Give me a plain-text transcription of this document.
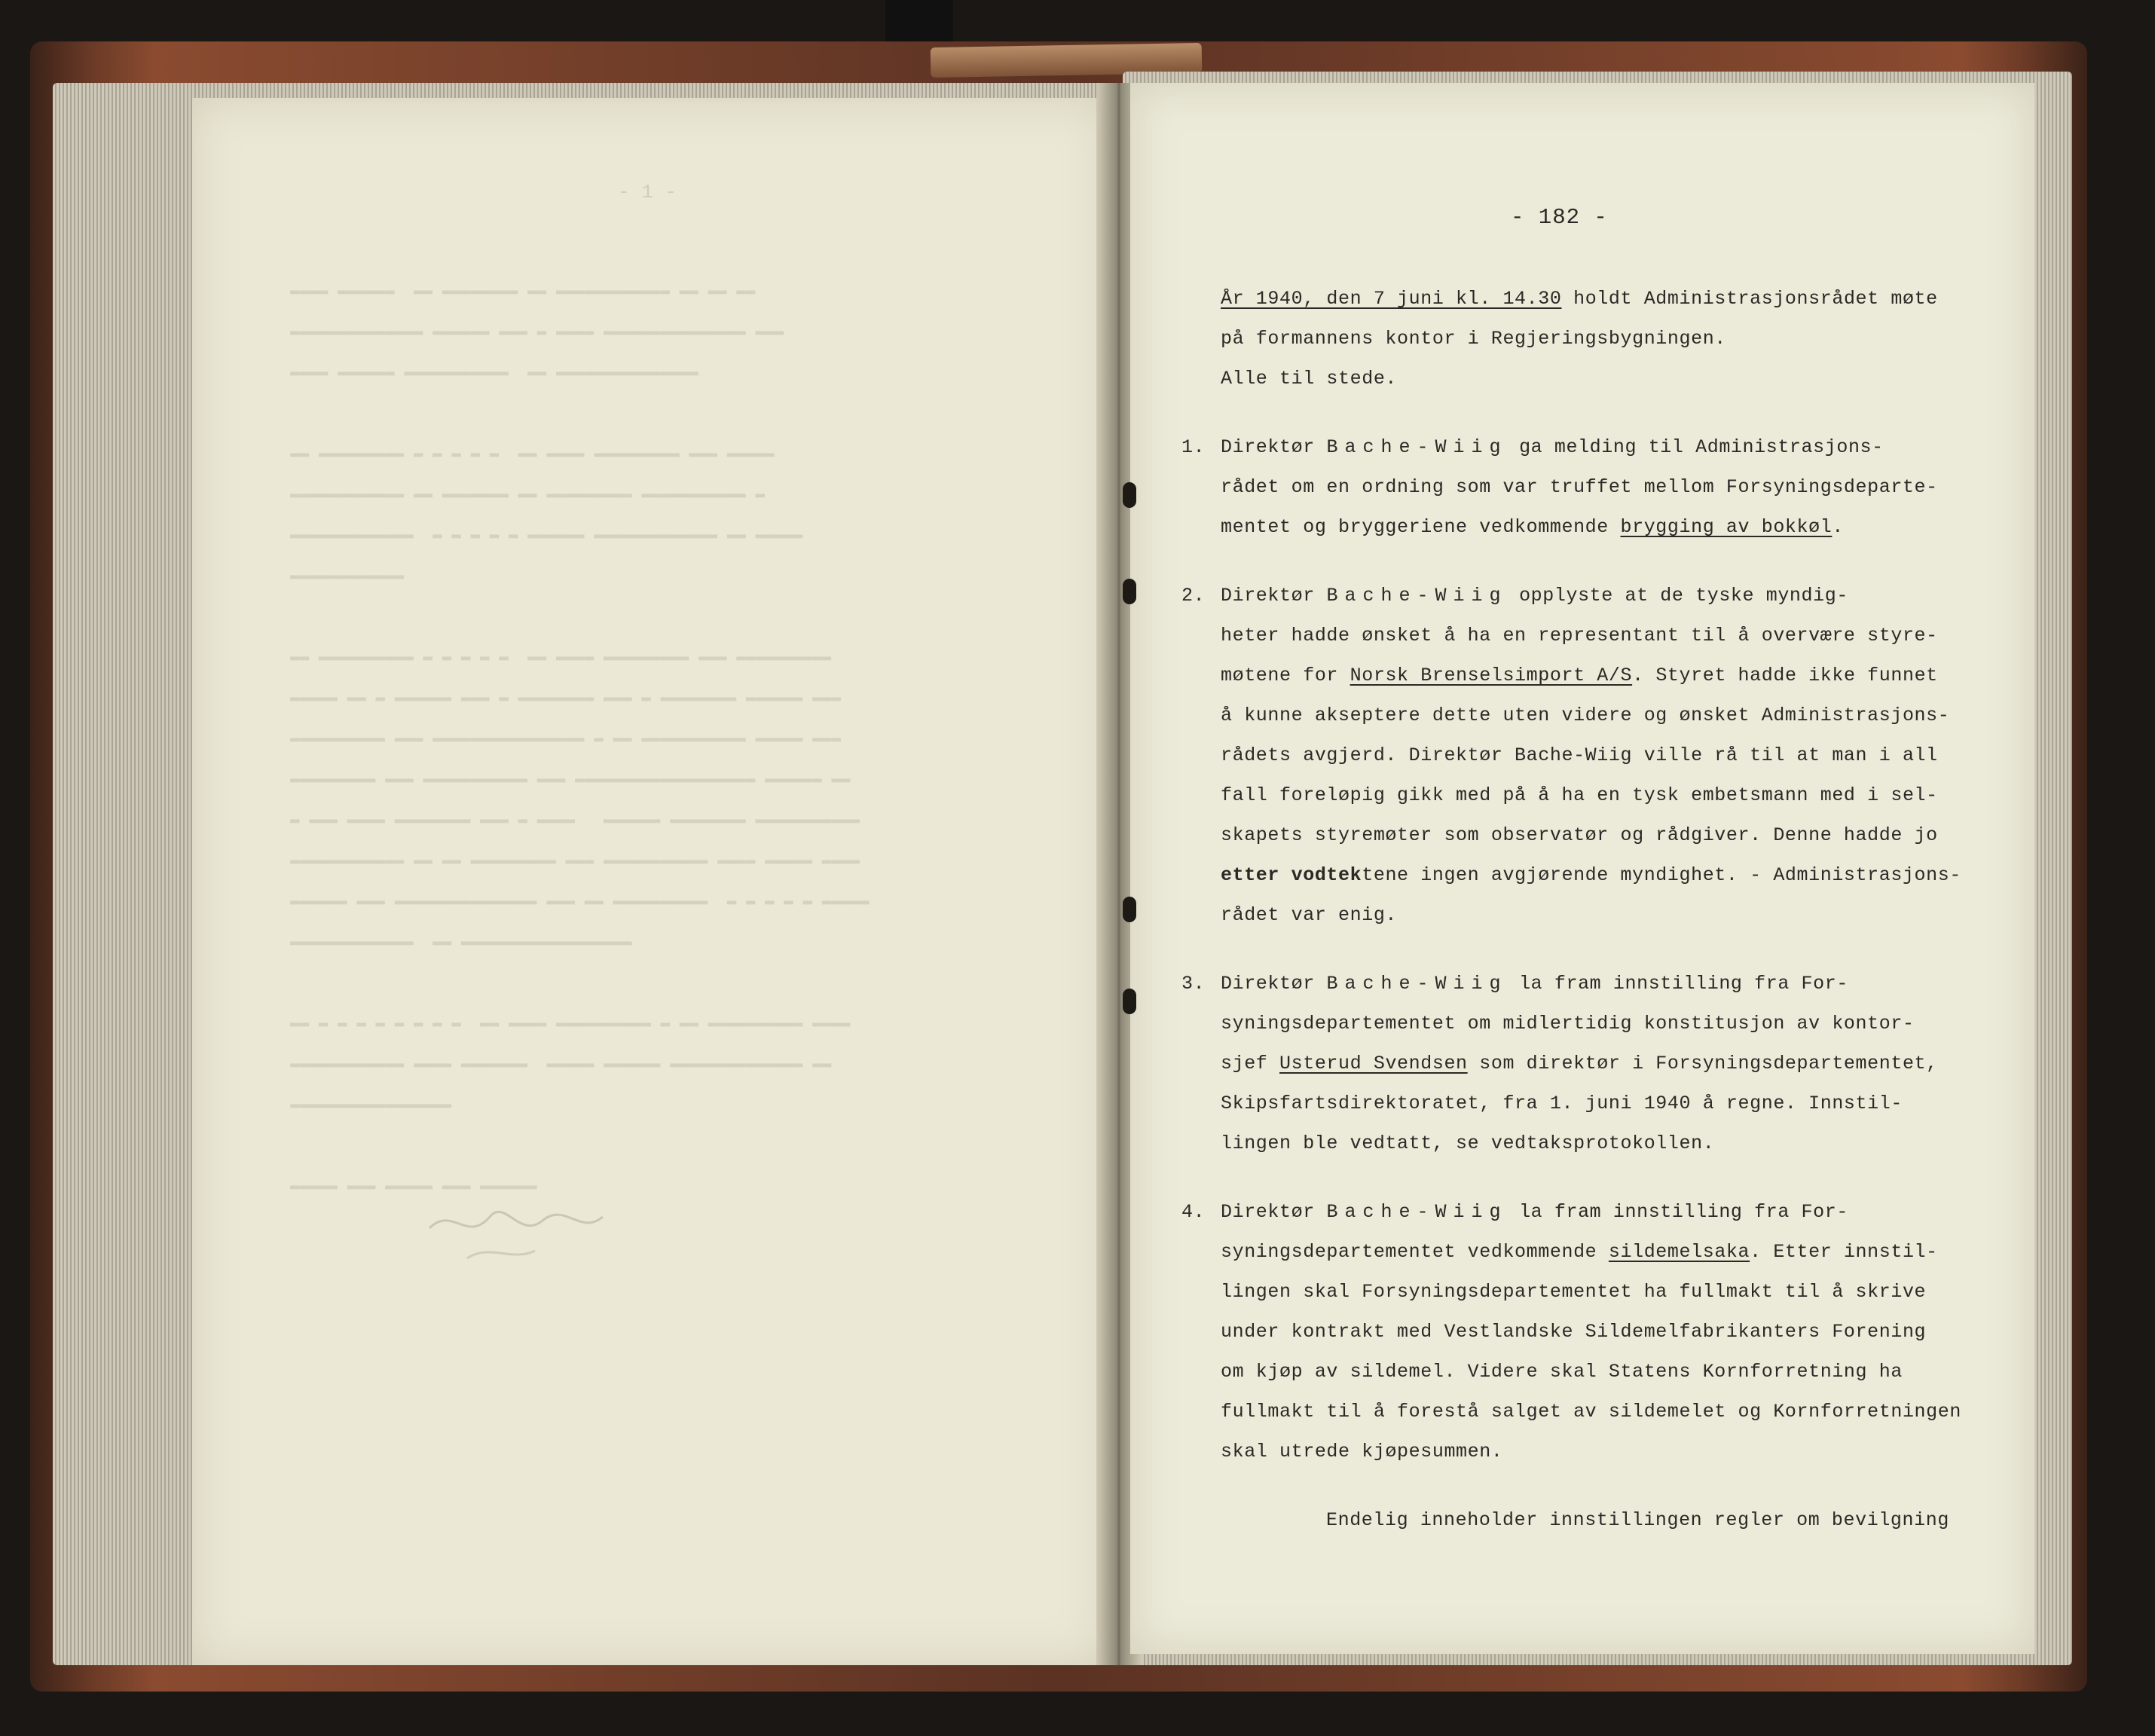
- 1 -
▬▬▬▬ ▬▬▬▬▬▬  ▬▬ ▬▬▬▬▬▬▬▬ ▬▬ ▬▬▬▬▬▬▬▬▬▬▬▬ ▬▬ ▬▬ ▬▬
▬▬▬▬▬▬▬▬▬▬▬▬▬▬ ▬▬▬▬▬▬ ▬▬▬ ▬ ▬▬▬▬ ▬▬▬▬▬▬▬▬▬▬▬▬▬▬▬ ▬▬▬
▬▬▬▬ ▬▬▬▬▬▬ ▬▬▬▬▬▬▬▬▬▬▬  ▬▬ ▬▬▬▬▬▬▬▬▬▬▬▬▬▬▬

▬▬ ▬▬▬▬▬▬▬▬▬ ▬ ▬ ▬ ▬ ▬  ▬▬ ▬▬▬▬ ▬▬▬▬▬▬▬▬▬ ▬▬▬ ▬▬▬▬▬
▬▬▬▬▬▬▬▬▬▬▬▬ ▬▬ ▬▬▬▬▬▬▬ ▬▬ ▬▬▬▬▬▬▬▬▬ ▬▬▬▬▬▬▬▬▬▬▬ ▬
▬▬▬▬▬▬▬▬▬▬▬▬▬  ▬ ▬ ▬ ▬ ▬ ▬▬▬▬▬▬ ▬▬▬▬▬▬▬▬▬▬▬▬▬ ▬▬ ▬▬▬▬▬
▬▬▬▬▬▬▬▬▬▬▬▬

▬▬ ▬▬▬▬▬▬▬▬▬▬ ▬ ▬ ▬ ▬ ▬  ▬▬ ▬▬▬▬ ▬▬▬▬▬▬▬▬▬ ▬▬▬ ▬▬▬▬▬▬▬▬▬▬
▬▬▬▬▬ ▬▬ ▬ ▬▬▬▬▬▬ ▬▬▬ ▬ ▬▬▬▬▬▬▬▬ ▬▬▬ ▬ ▬▬▬▬▬▬▬▬ ▬▬▬▬▬▬ ▬▬▬
▬▬▬▬▬▬▬▬▬▬ ▬▬▬ ▬▬▬▬▬▬▬▬▬▬▬▬▬▬▬▬ ▬ ▬▬ ▬▬▬▬▬▬▬▬▬▬▬ ▬▬▬▬▬ ▬▬▬
▬▬▬▬▬▬▬▬▬ ▬▬▬ ▬▬▬▬▬▬▬▬▬▬▬ ▬▬▬ ▬▬▬▬▬▬▬▬▬▬▬▬▬▬▬▬▬▬▬ ▬▬▬▬▬▬ ▬▬
▬ ▬▬▬ ▬▬▬▬ ▬▬▬▬▬▬▬▬ ▬▬▬ ▬ ▬▬▬▬   ▬▬▬▬▬▬ ▬▬▬▬▬▬▬▬ ▬▬▬▬▬▬▬▬▬▬▬
▬▬▬▬▬▬▬▬▬▬▬▬ ▬▬ ▬▬ ▬▬▬▬▬▬▬▬▬ ▬▬▬ ▬▬▬▬▬▬▬▬▬▬▬ ▬▬▬▬ ▬▬▬▬▬ ▬▬▬▬
▬▬▬▬▬▬ ▬▬▬ ▬▬▬▬▬▬▬▬▬▬▬▬▬▬▬ ▬▬▬ ▬▬ ▬▬▬▬▬▬▬▬▬▬  ▬ ▬ ▬ ▬ ▬ ▬▬▬▬▬
▬▬▬▬▬▬▬▬▬▬▬▬▬  ▬▬ ▬▬▬▬▬▬▬▬▬▬▬▬▬▬▬▬▬▬

▬▬ ▬ ▬ ▬ ▬ ▬ ▬ ▬ ▬  ▬▬ ▬▬▬▬ ▬▬▬▬▬▬▬▬▬▬ ▬ ▬▬ ▬▬▬▬▬▬▬▬▬▬ ▬▬▬▬
▬▬▬▬▬▬▬▬▬▬▬▬ ▬▬▬▬ ▬▬▬▬▬▬▬  ▬▬▬▬▬ ▬▬▬▬▬▬ ▬▬▬▬▬▬▬▬▬▬▬▬▬▬ ▬▬
▬▬▬▬▬▬▬▬▬▬▬▬▬▬▬▬▬

▬▬▬▬▬ ▬▬▬ ▬▬▬▬▬ ▬▬▬ ▬▬▬▬▬▬
- 182 -
År 1940, den 7 juni kl. 14.30 holdt Administrasjonsrådet møte
på formannens kontor i Regjeringsbygningen.
Alle til stede.
1. Direktør Bache-Wiig ga melding til Administrasjons-
rådet om en ordning som var truffet mellom Forsyningsdeparte-
mentet og bryggeriene vedkommende brygging av bokkøl.
2. Direktør Bache-Wiig opplyste at de tyske myndig-
heter hadde ønsket å ha en representant til å overvære styre-
møtene for Norsk Brenselsimport A/S. Styret hadde ikke funnet
å kunne akseptere dette uten videre og ønsket Administrasjons-
rådets avgjerd. Direktør Bache-Wiig ville rå til at man i all
fall foreløpig gikk med på å ha en tysk embetsmann med i sel-
skapets styremøter som observatør og rådgiver. Denne hadde jo
etter vodtektene ingen avgjørende myndighet. - Administrasjons-
rådet var enig.
3. Direktør Bache-Wiig la fram innstilling fra For-
syningsdepartementet om midlertidig konstitusjon av kontor-
sjef Usterud Svendsen som direktør i Forsyningsdepartementet,
Skipsfartsdirektoratet, fra 1. juni 1940 å regne. Innstil-
lingen ble vedtatt, se vedtaksprotokollen.
4. Direktør Bache-Wiig la fram innstilling fra For-
syningsdepartementet vedkommende sildemelsaka. Etter innstil-
lingen skal Forsyningsdepartementet ha fullmakt til å skrive
under kontrakt med Vestlandske Sildemelfabrikanters Forening
om kjøp av sildemel. Videre skal Statens Kornforretning ha
fullmakt til å forestå salget av sildemelet og Kornforretningen
skal utrede kjøpesummen.
Endelig inneholder innstillingen regler om bevilgning
